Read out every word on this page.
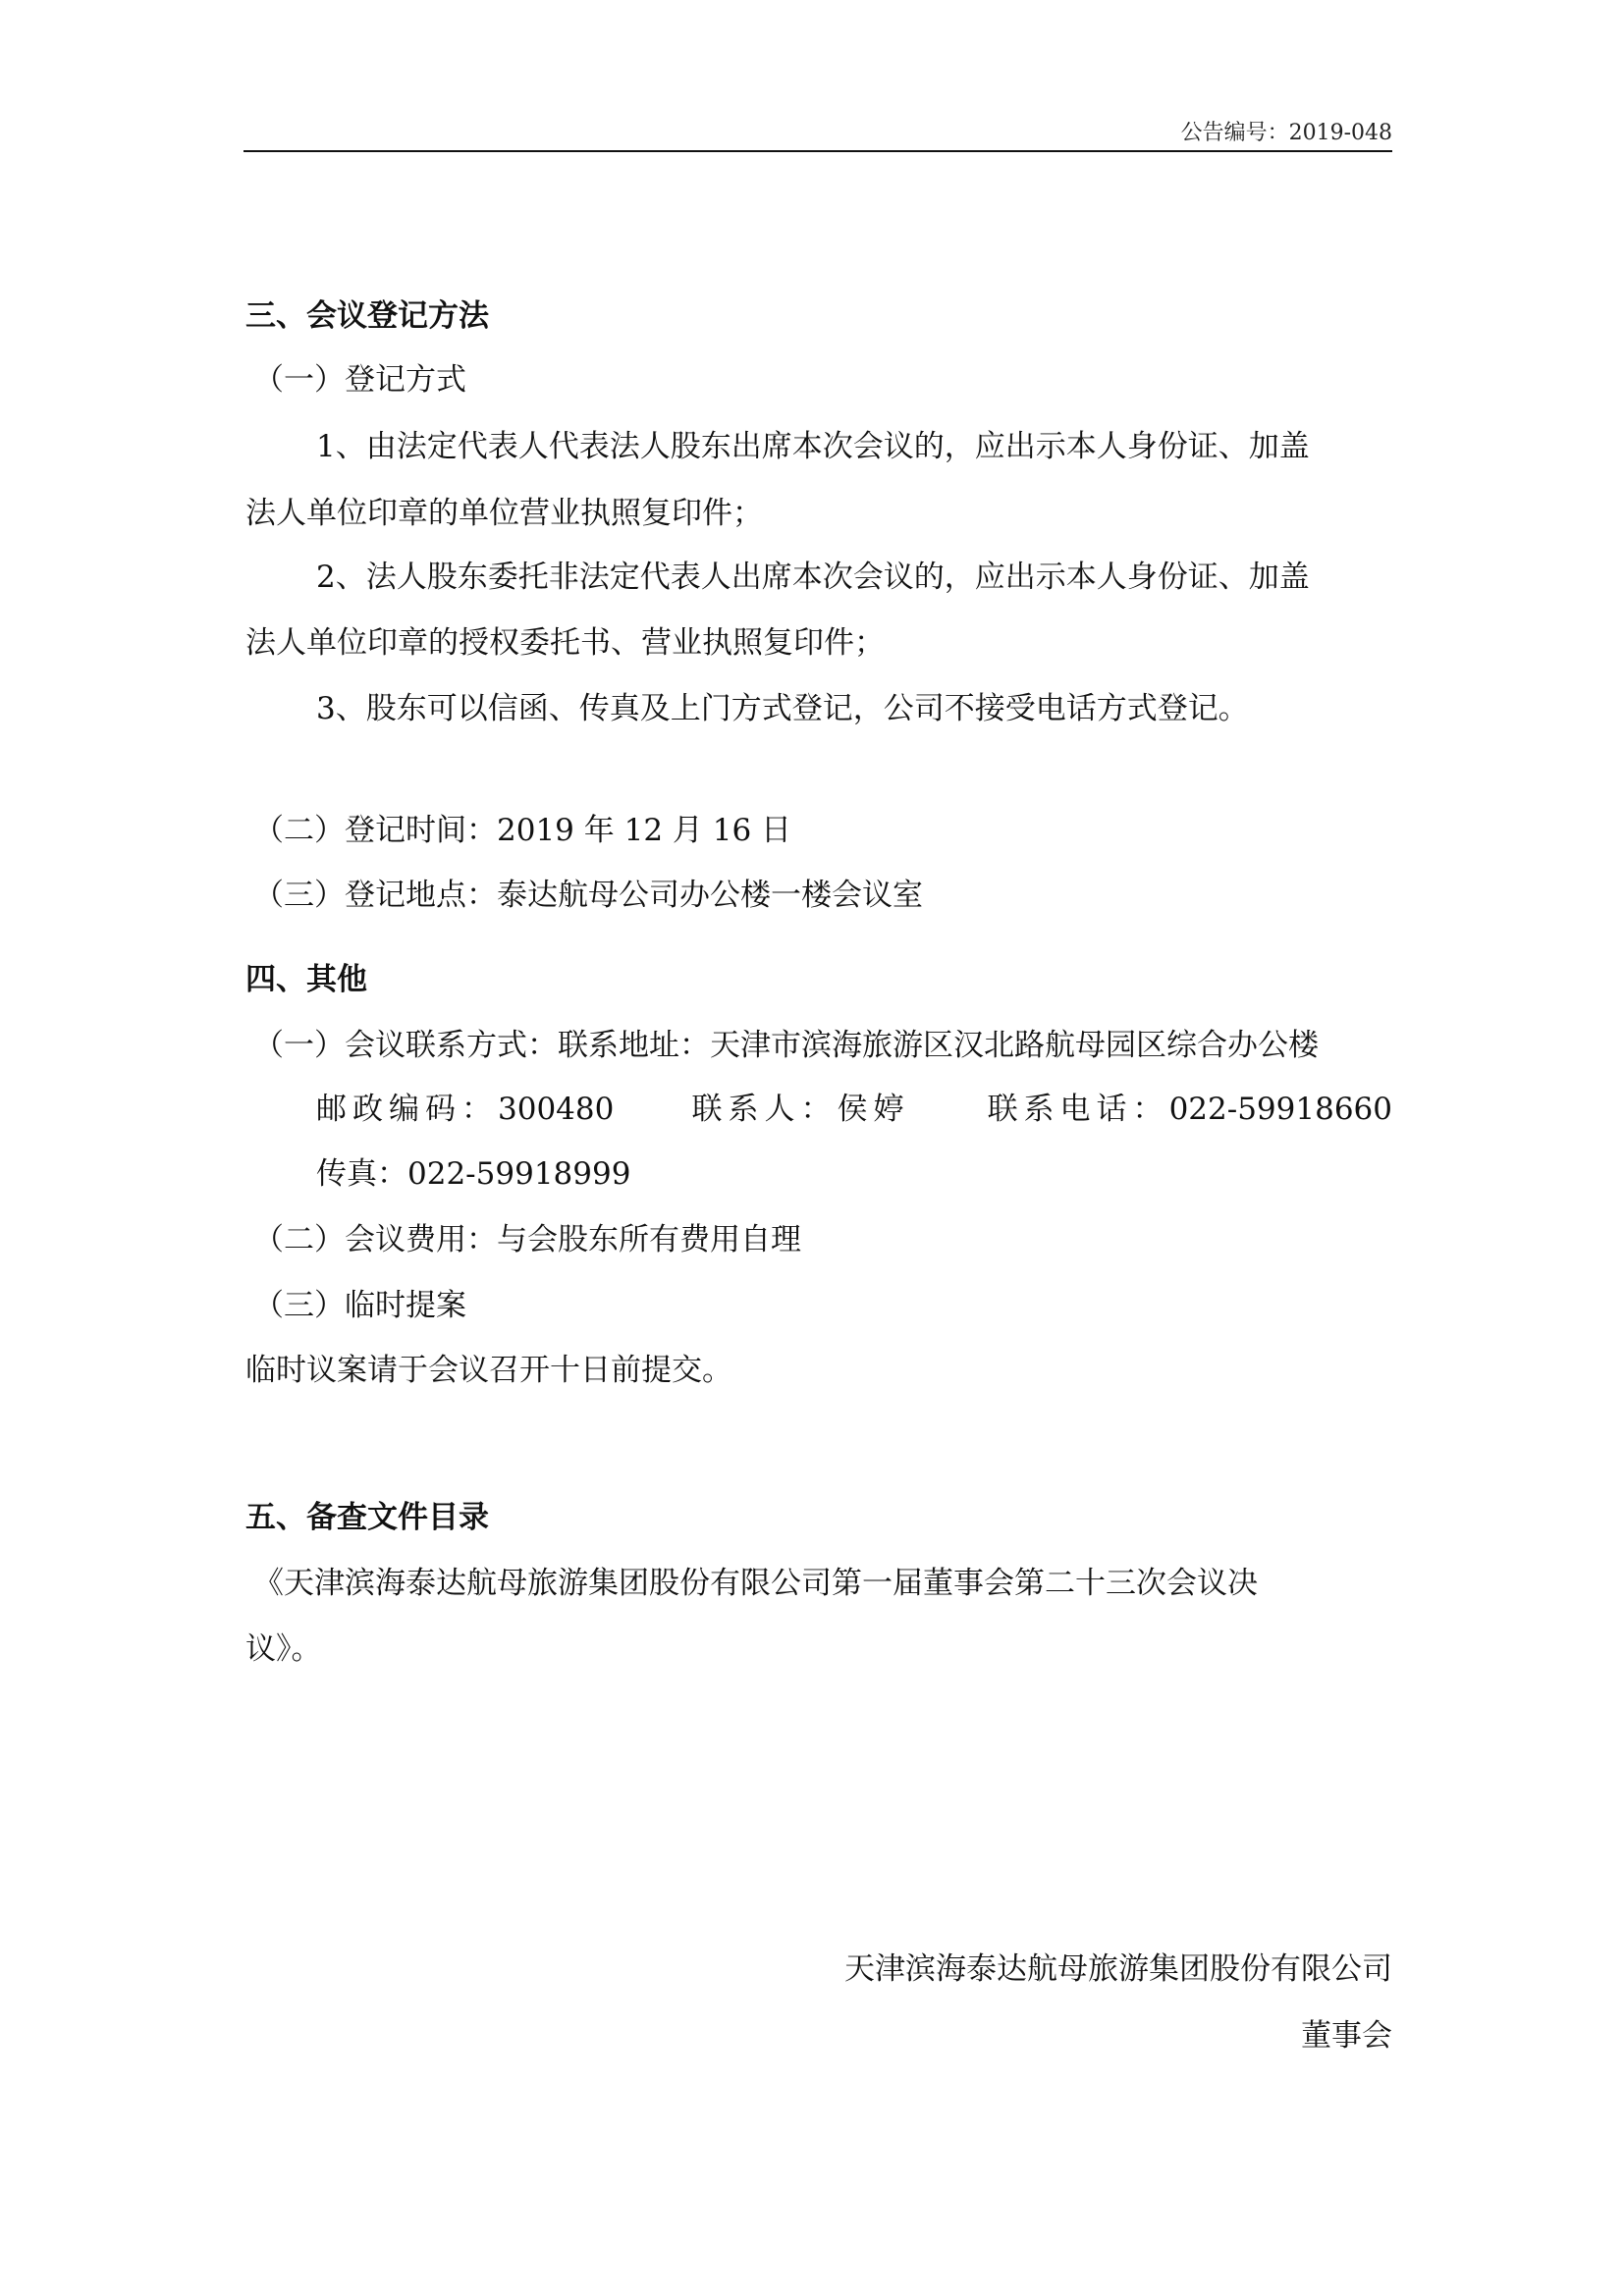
公告编号：2019-048
三、会议登记方法
（一）登记方式
1、由法定代表人代表法人股东出席本次会议的，应出示本人身份证、加盖
法人单位印章的单位营业执照复印件；
2、法人股东委托非法定代表人出席本次会议的，应出示本人身份证、加盖
法人单位印章的授权委托书、营业执照复印件；
3、股东可以信函、传真及上门方式登记，公司不接受电话方式登记。
（二）登记时间：2019 年 12 月 16 日
（三）登记地点：泰达航母公司办公楼一楼会议室
四、其他
（一）会议联系方式：联系地址：天津市滨海旅游区汉北路航母园区综合办公楼
邮政编码：300480	联系人：侯婷	联系电话：022-59918660
传真：022-59918999
（二）会议费用：与会股东所有费用自理
（三）临时提案
临时议案请于会议召开十日前提交。
五、备查文件目录
《天津滨海泰达航母旅游集团股份有限公司第一届董事会第二十三次会议决
议》。
天津滨海泰达航母旅游集团股份有限公司
董事会
